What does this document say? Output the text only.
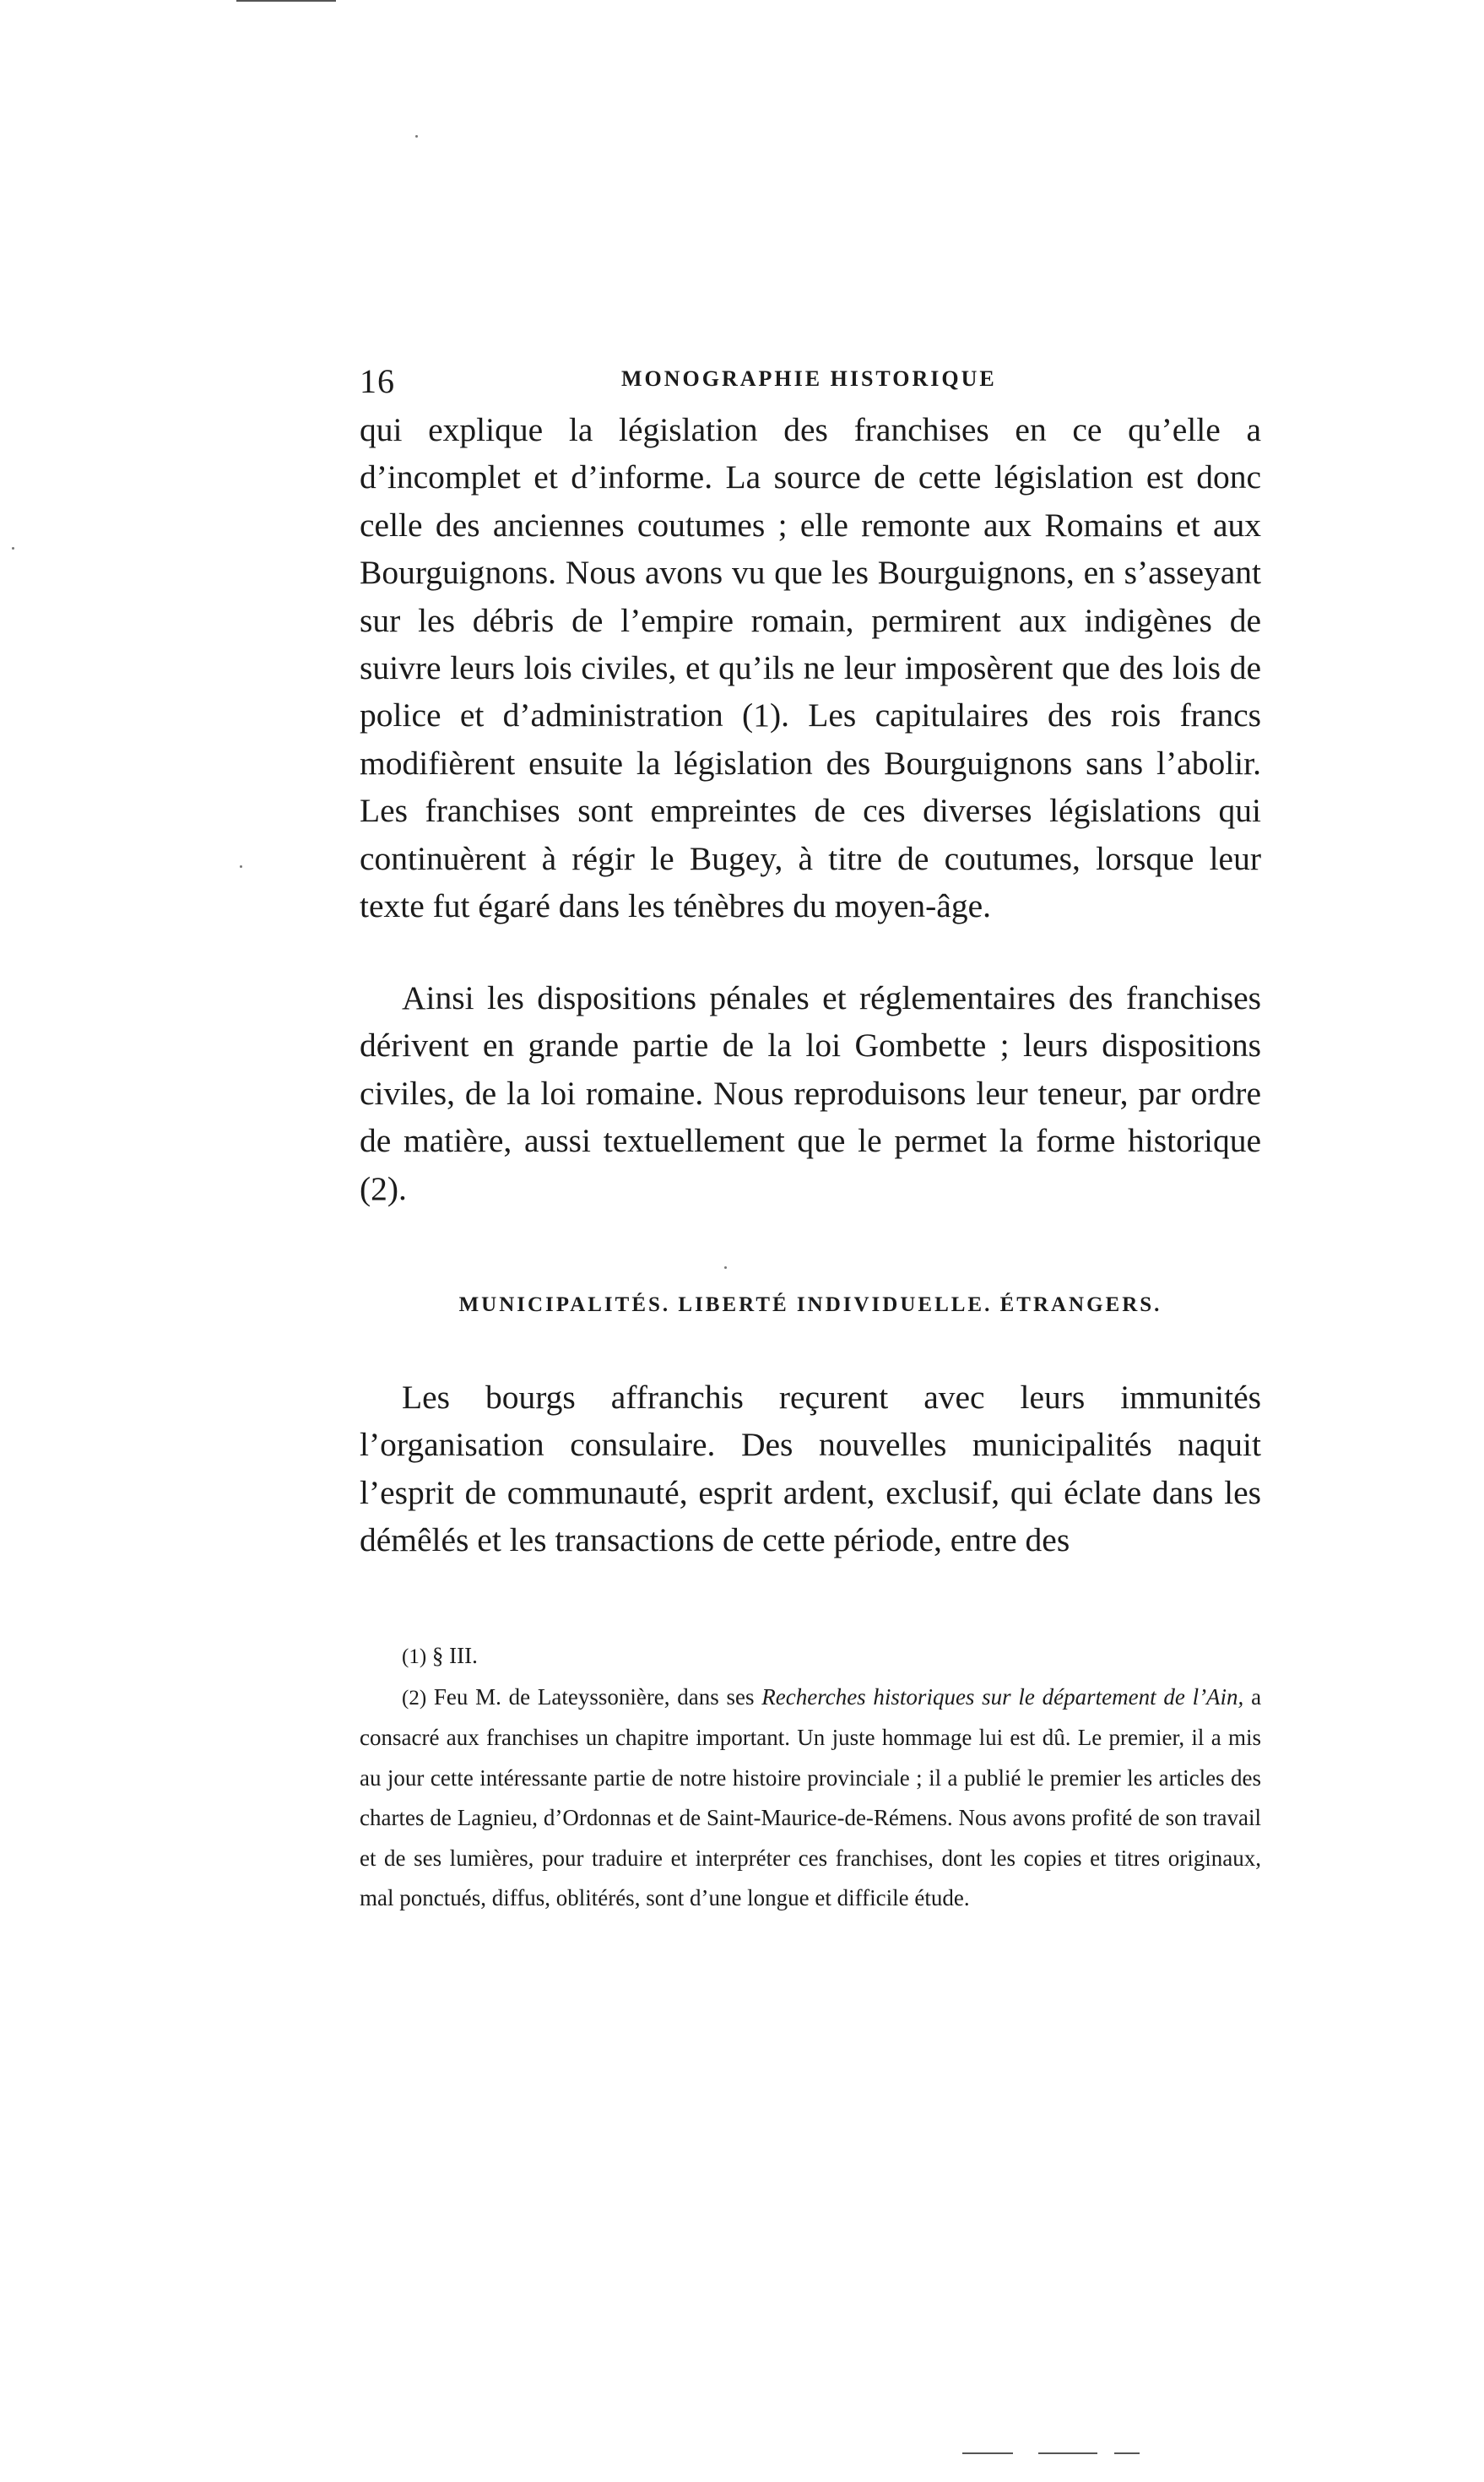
16	MONOGRAPHIE HISTORIQUE

qui explique la législation des franchises en ce qu’elle a d’incomplet et d’informe. La source de cette législation est donc celle des anciennes coutumes ; elle remonte aux Romains et aux Bourguignons. Nous avons vu que les Bourguignons, en s’asseyant sur les débris de l’empire romain, permirent aux indigènes de suivre leurs lois civiles, et qu’ils ne leur imposèrent que des lois de police et d’administration (1). Les capitulaires des rois francs modifièrent ensuite la législation des Bourguignons sans l’abolir. Les franchises sont empreintes de ces diverses législations qui continuèrent à régir le Bugey, à titre de coutumes, lorsque leur texte fut égaré dans les ténèbres du moyen-âge.

Ainsi les dispositions pénales et réglementaires des franchises dérivent en grande partie de la loi Gombette ; leurs dispositions civiles, de la loi romaine. Nous reproduisons leur teneur, par ordre de matière, aussi textuellement que le permet la forme historique (2).

MUNICIPALITÉS. LIBERTÉ INDIVIDUELLE. ÉTRANGERS.

Les bourgs affranchis reçurent avec leurs immunités l’organisation consulaire. Des nouvelles municipalités naquit l’esprit de communauté, esprit ardent, exclusif, qui éclate dans les démêlés et les transactions de cette période, entre des

(1) § III.

(2) Feu M. de Lateyssonière, dans ses Recherches historiques sur le département de l’Ain, a consacré aux franchises un chapitre important. Un juste hommage lui est dû. Le premier, il a mis au jour cette intéressante partie de notre histoire provinciale ; il a publié le premier les articles des chartes de Lagnieu, d’Ordonnas et de Saint-Maurice-de-Rémens. Nous avons profité de son travail et de ses lumières, pour traduire et interpréter ces franchises, dont les copies et titres originaux, mal ponctués, diffus, oblitérés, sont d’une longue et difficile étude.
